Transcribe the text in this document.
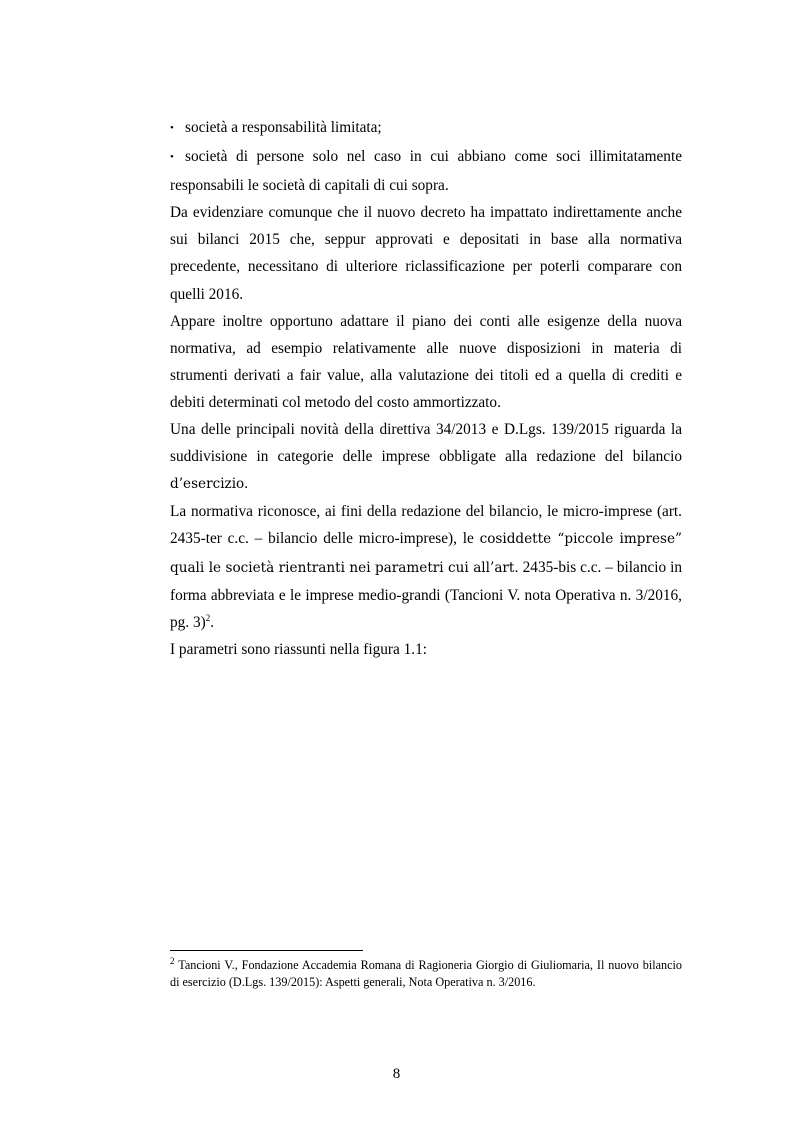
• società a responsabilità limitata;
• società di persone solo nel caso in cui abbiano come soci illimitatamente responsabili le società di capitali di cui sopra.

Da evidenziare comunque che il nuovo decreto ha impattato indirettamente anche sui bilanci 2015 che, seppur approvati e depositati in base alla normativa precedente, necessitano di ulteriore riclassificazione per poterli comparare con quelli 2016.

Appare inoltre opportuno adattare il piano dei conti alle esigenze della nuova normativa, ad esempio relativamente alle nuove disposizioni in materia di strumenti derivati a fair value, alla valutazione dei titoli ed a quella di crediti e debiti determinati col metodo del costo ammortizzato.

Una delle principali novità della direttiva 34/2013 e D.Lgs. 139/2015 riguarda la suddivisione in categorie delle imprese obbligate alla redazione del bilancio d’esercizio.

La normativa riconosce, ai fini della redazione del bilancio, le micro-imprese (art. 2435-ter c.c. – bilancio delle micro-imprese), le cosiddette “piccole imprese” quali le società rientranti nei parametri cui all’art. 2435-bis c.c. – bilancio in forma abbreviata e le imprese medio-grandi (Tancioni V. nota Operativa n. 3/2016, pg. 3)$^2$.

I parametri sono riassunti nella figura 1.1:

$^2$ Tancioni V., Fondazione Accademia Romana di Ragioneria Giorgio di Giuliomaria, Il nuovo bilancio di esercizio (D.Lgs. 139/2015): Aspetti generali, Nota Operativa n. 3/2016.
8
